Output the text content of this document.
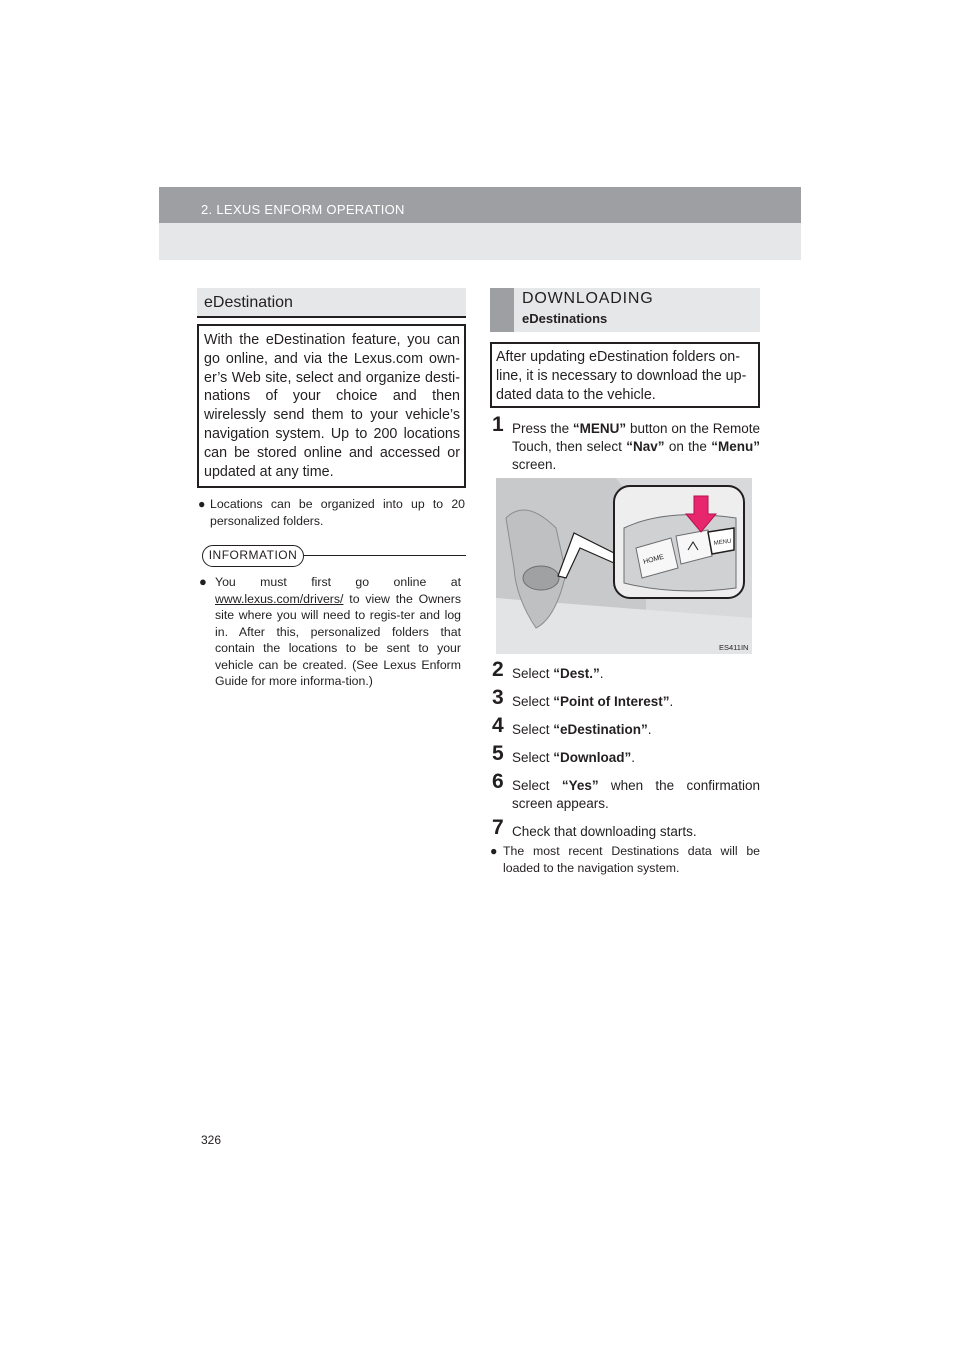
2. LEXUS ENFORM OPERATION
eDestination
With the eDestination feature, you can go online, and via the Lexus.com own-er’s Web site, select and organize desti-nations of your choice and then wirelessly send them to your vehicle’s navigation system. Up to 200 locations can be stored online and accessed or updated at any time.
● Locations can be organized into up to 20 personalized folders.
INFORMATION
● You must first go online at www.lexus.com/drivers/ to view the Owners site where you will need to regis-ter and log in. After this, personalized folders that contain the locations to be sent to your vehicle can be created. (See Lexus Enform Guide for more informa-tion.)
DOWNLOADING
eDestinations
After updating eDestination folders on-line, it is necessary to download the up-dated data to the vehicle.
1 Press the “MENU” button on the Remote Touch, then select “Nav” on the “Menu” screen.
HOME
MENU
ES411IN
2 Select “Dest.”.
3 Select “Point of Interest”.
4 Select “eDestination”.
5 Select “Download”.
6 Select “Yes” when the confirmation screen appears.
7 Check that downloading starts.
● The most recent Destinations data will be loaded to the navigation system.
326
